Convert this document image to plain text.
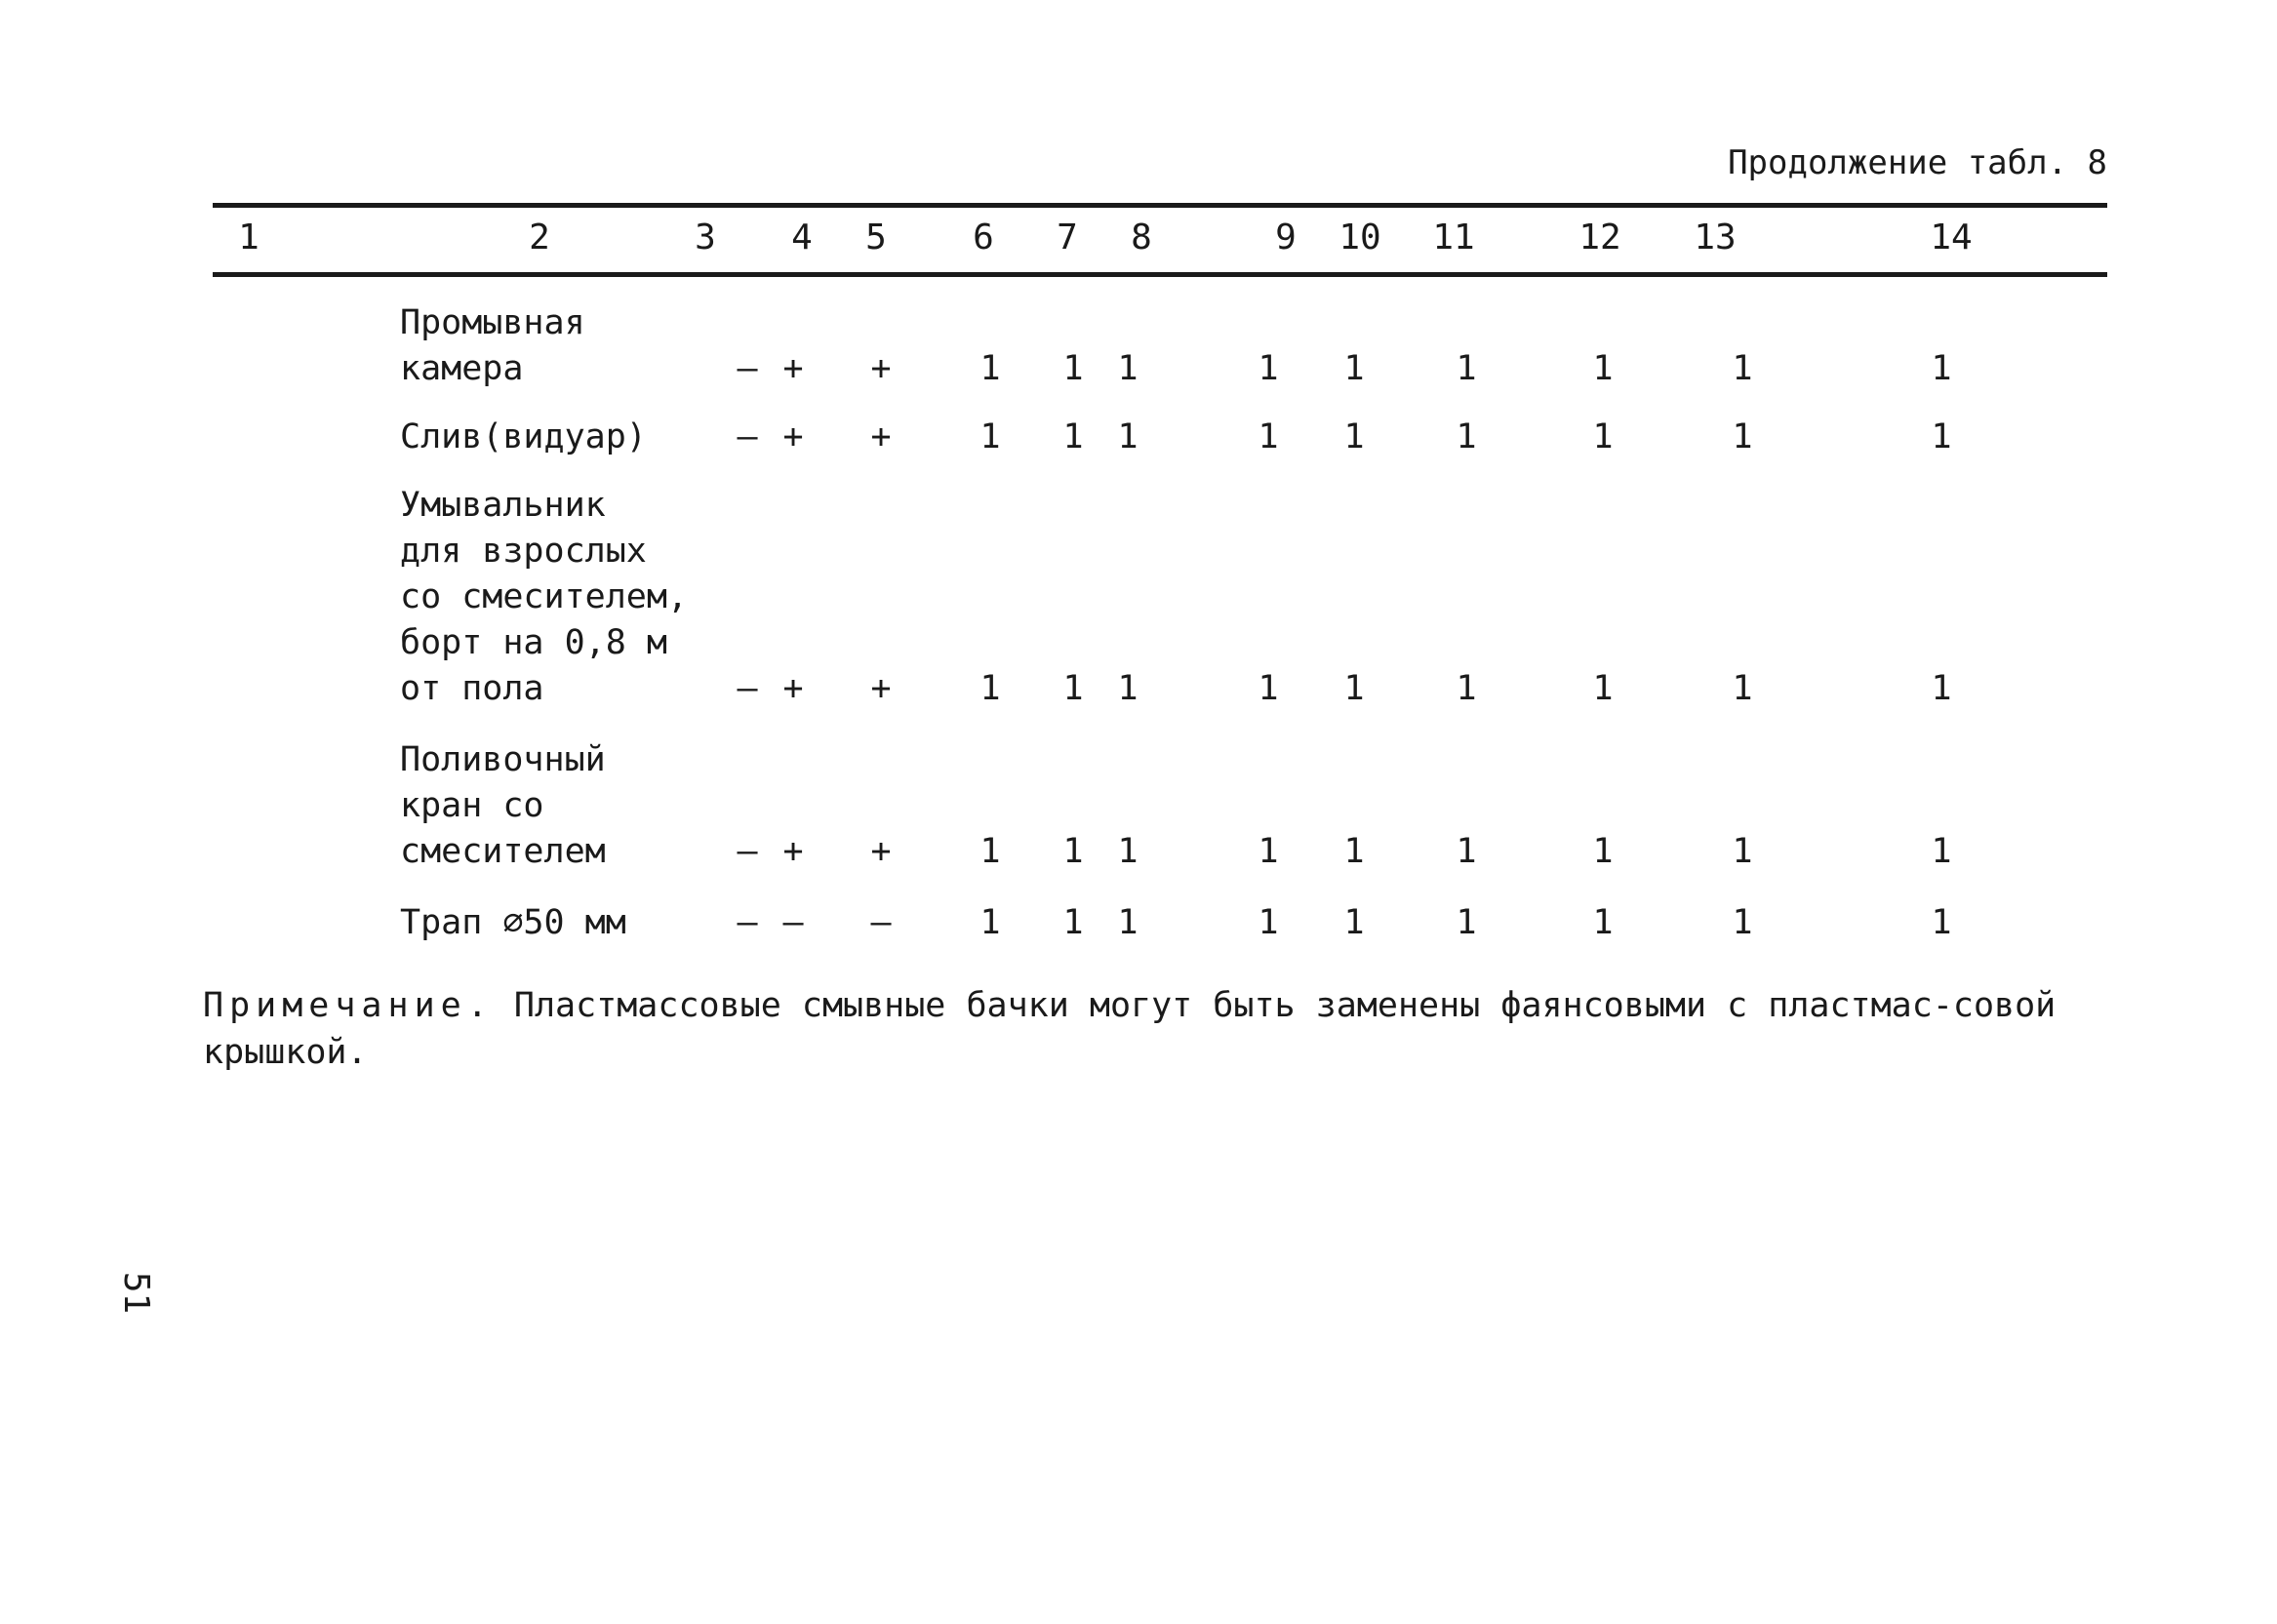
Продолжение табл. 8
1	2	3 4 5 6 7 8	9 10 11	12 13	14
Промывная
камера	– + +	1 1 1	1 1	1	1	1	1
Слив(видуар)	– + +	1 1 1	1 1	1	1	1	1
Умывальник
для взрослых
со смесителем,
борт на 0,8 м
от пола	– + +	1 1 1	1 1	1	1	1	1
Поливочный
кран со
смесителем	– + +	1 1 1	1 1	1	1	1	1
Трап ∅50 мм	– – –	1 1 1	1 1	1	1	1	1

Примечание. Пластмассовые смывные бачки могут быть заменены фаянсовыми с пластмас-совой крышкой.

51
